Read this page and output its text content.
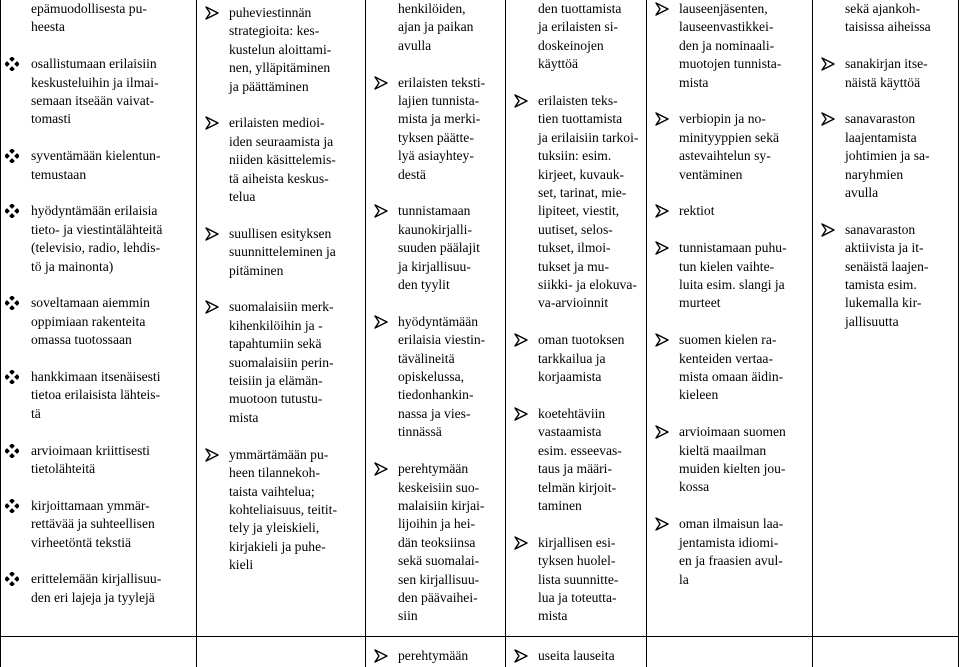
epämuodollisesta pu-
heesta
osallistumaan erilaisiin
keskusteluihin ja ilmai-
semaan itseään vaivat-
tomasti
syventämään kielentun-
temustaan
hyödyntämään erilaisia
tieto- ja viestintälähteitä
(televisio, radio, lehdis-
tö ja mainonta)
soveltamaan aiemmin
oppimiaan rakenteita
omassa tuotossaan
hankkimaan itsenäisesti
tietoa erilaisista lähteis-
tä
arvioimaan kriittisesti
tietolähteitä
kirjoittamaan ymmär-
rettävää ja suhteellisen
virheetöntä tekstiä
erittelemään kirjallisuu-
den eri lajeja ja tyylejä
puheviestinnän
strategioita: kes-
kustelun aloittami-
nen, ylläpitäminen
ja päättäminen
erilaisten medioi-
iden seuraamista ja
niiden käsittelemis-
tä aiheista keskus-
telua
suullisen esityksen
suunnitteleminen ja
pitäminen
suomalaisiin merk-
kihenkilöihin ja -
tapahtumiin sekä
suomalaisiin perin-
teisiin ja elämän-
muotoon tutustu-
mista
ymmärtämään pu-
heen tilannekoh-
taista vaihtelua;
kohteliaisuus, teitit-
tely ja yleiskieli,
kirjakieli ja puhe-
kieli
henkilöiden,
ajan ja paikan
avulla
erilaisten teksti-
lajien tunnista-
mista ja merki-
tyksen päätte-
lyä asiayhtey-
destä
tunnistamaan
kaunokirjalli-
suuden päälajit
ja kirjallisuu-
den tyylit
hyödyntämään
erilaisia viestin-
tävälineitä
opiskelussa,
tiedonhankin-
nassa ja vies-
tinnässä
perehtymään
keskeisiin suo-
malaisiin kirjai-
lijoihin ja hei-
dän teoksiinsa
sekä suomalai-
sen kirjallisuu-
den päävaihei-
siin
den tuottamista
ja erilaisten si-
doskeinojen
käyttöä
erilaisten teks-
tien tuottamista
ja erilaisiin tarkoi-
tuksiin: esim.
kirjeet, kuvauk-
set, tarinat, mie-
lipiteet, viestit,
uutiset, selos-
tukset, ilmoi-
tukset ja mu-
siikki- ja elokuva-
va-arvioinnit
oman tuotoksen
tarkkailua ja
korjaamista
koetehtäviin
vastaamista
esim. esseevas-
taus ja määri-
telmän kirjoit-
taminen
kirjallisen esi-
tyksen huolel-
lista suunnitte-
lua ja toteutta-
mista
lauseenjäsenten,
lauseenvastikkei-
den ja nominaali-
muotojen tunnista-
mista
verbiopin ja no-
minityyppien sekä
astevaihtelun sy-
ventäminen
rektiot
tunnistamaan puhu-
tun kielen vaihte-
luita esim. slangi ja
murteet
suomen kielen ra-
kenteiden vertaa-
mista omaan äidin-
kieleen
arvioimaan suomen
kieltä maailman
muiden kielten jou-
kossa
oman ilmaisun laa-
jentamista idiomi-
en ja fraasien avul-
la
sekä ajankoh-
taisissa aiheissa
sanakirjan itse-
näistä käyttöä
sanavaraston
laajentamista
johtimien ja sa-
naryhmien
avulla
sanavaraston
aktiivista ja it-
senäistä laajen-
tamista esim.
lukemalla kir-
jallisuutta
perehtymään	useita lauseita
